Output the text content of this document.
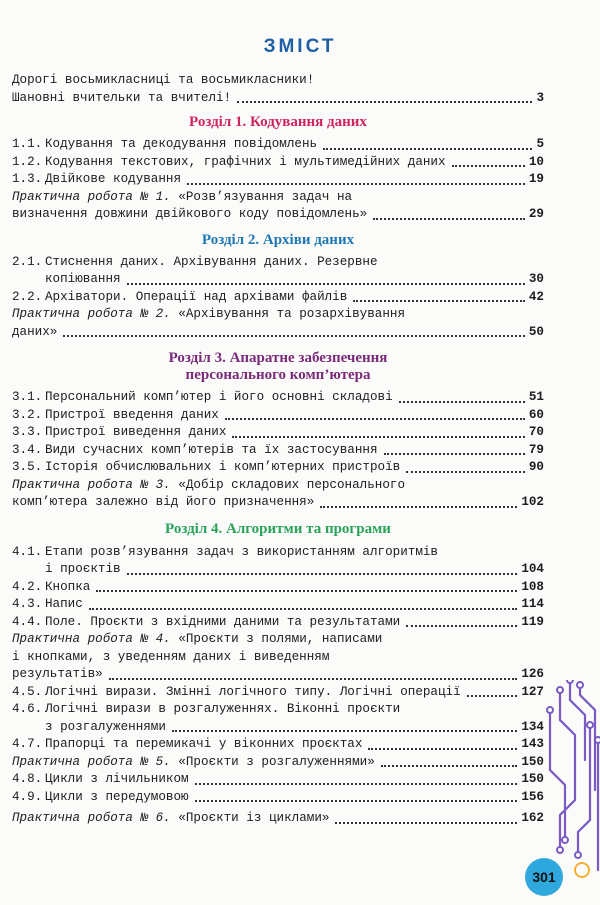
ЗМІСТ
Дорогі восьмикласниці та восьмикласники!
Шановні вчительки та вчителі!	3
Розділ 1. Кодування даних
1.1. Кодування та декодування повідомлень	5
1.2. Кодування текстових, графічних і мультимедійних даних	10
1.3. Двійкове кодування	19
Практична робота № 1. «Розв’язування задач на
визначення довжини двійкового коду повідомлень»	29
Розділ 2. Архіви даних
2.1. Стиснення даних. Архівування даних. Резервне
копіювання	30
2.2. Архіватори. Операції над архівами файлів	42
Практична робота № 2. «Архівування та розархівування
даних»	50
Розділ 3. Апаратне забезпечення
персонального комп’ютера
3.1. Персональний комп’ютер і його основні складові	51
3.2. Пристрої введення даних	60
3.3. Пристрої виведення даних	70
3.4. Види сучасних комп’ютерів та їх застосування	79
3.5. Історія обчислювальних і комп’ютерних пристроїв	90
Практична робота № 3. «Добір складових персонального
комп’ютера залежно від його призначення»	102
Розділ 4. Алгоритми та програми
4.1. Етапи розв’язування задач з використанням алгоритмів
і проєктів	104
4.2. Кнопка	108
4.3. Напис	114
4.4. Поле. Проєкти з вхідними даними та результатами	119
Практична робота № 4. «Проєкти з полями, написами
і кнопками, з уведенням даних і виведенням
результатів»	126
4.5. Логічні вирази. Змінні логічного типу. Логічні операції	127
4.6. Логічні вирази в розгалуженнях. Віконні проєкти
з розгалуженнями	134
4.7. Прапорці та перемикачі у віконних проєктах	143
Практична робота № 5. «Проєкти з розгалуженнями»	150
4.8. Цикли з лічильником	150
4.9. Цикли з передумовою	156
Практична робота № 6. «Проєкти із циклами»	162
301
